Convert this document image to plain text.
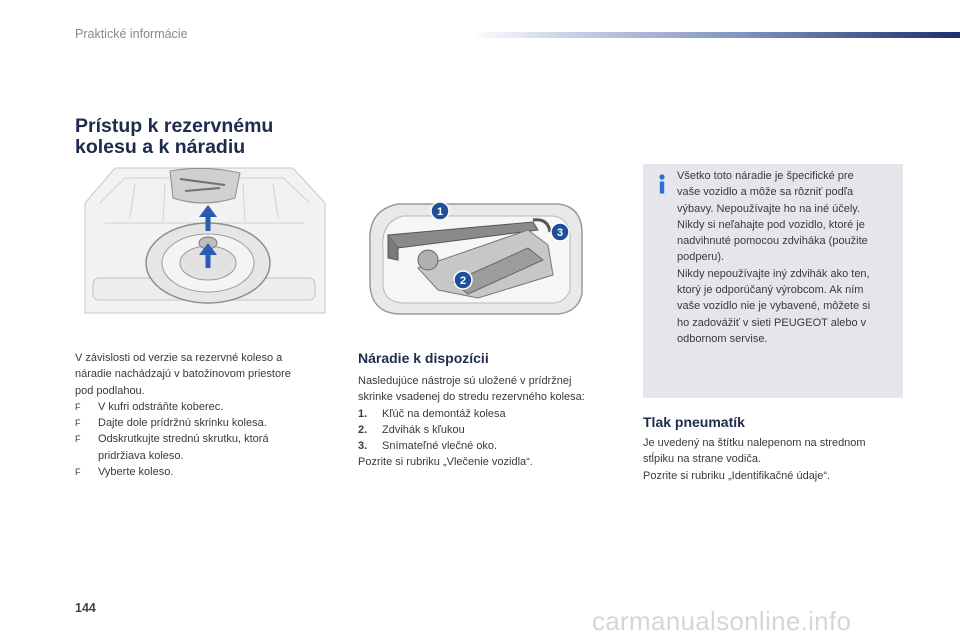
Praktické informácie
Prístup k rezervnému
kolesu a k náradiu
1
2
3
V závislosti od verzie sa rezervné koleso a
náradie nachádzajú v batožinovom priestore
pod podlahou.
F	V kufri odstráňte koberec.
F	Dajte dole prídržnú skrinku kolesa.
F	Odskrutkujte strednú skrutku, ktorá
pridržiava koleso.
F	Vyberte koleso.
Náradie k dispozícii
Nasledujúce nástroje sú uložené v prídržnej
skrinke vsadenej do stredu rezervného kolesa:
1.	Kľúč na demontáž kolesa
2.	Zdvihák s kľukou
3.	Snímateľné vlečné oko.
Pozrite si rubriku „Vlečenie vozidla“.
Všetko toto náradie je špecifické pre
vaše vozidlo a môže sa rôzniť podľa
výbavy. Nepoužívajte ho na iné účely.
Nikdy si neľahajte pod vozidlo, ktoré je
nadvihnuté pomocou zdviháka (použite
podperu).
Nikdy nepoužívajte iný zdvihák ako ten,
ktorý je odporúčaný výrobcom. Ak ním
vaše vozidlo nie je vybavené, môžete si
ho zadovážiť v sieti PEUGEOT alebo v
odbornom servise.
Tlak pneumatík
Je uvedený na štítku nalepenom na strednom
stĺpiku na strane vodiča.
Pozrite si rubriku „Identifikačné údaje“.
144	carmanualsonline.info
